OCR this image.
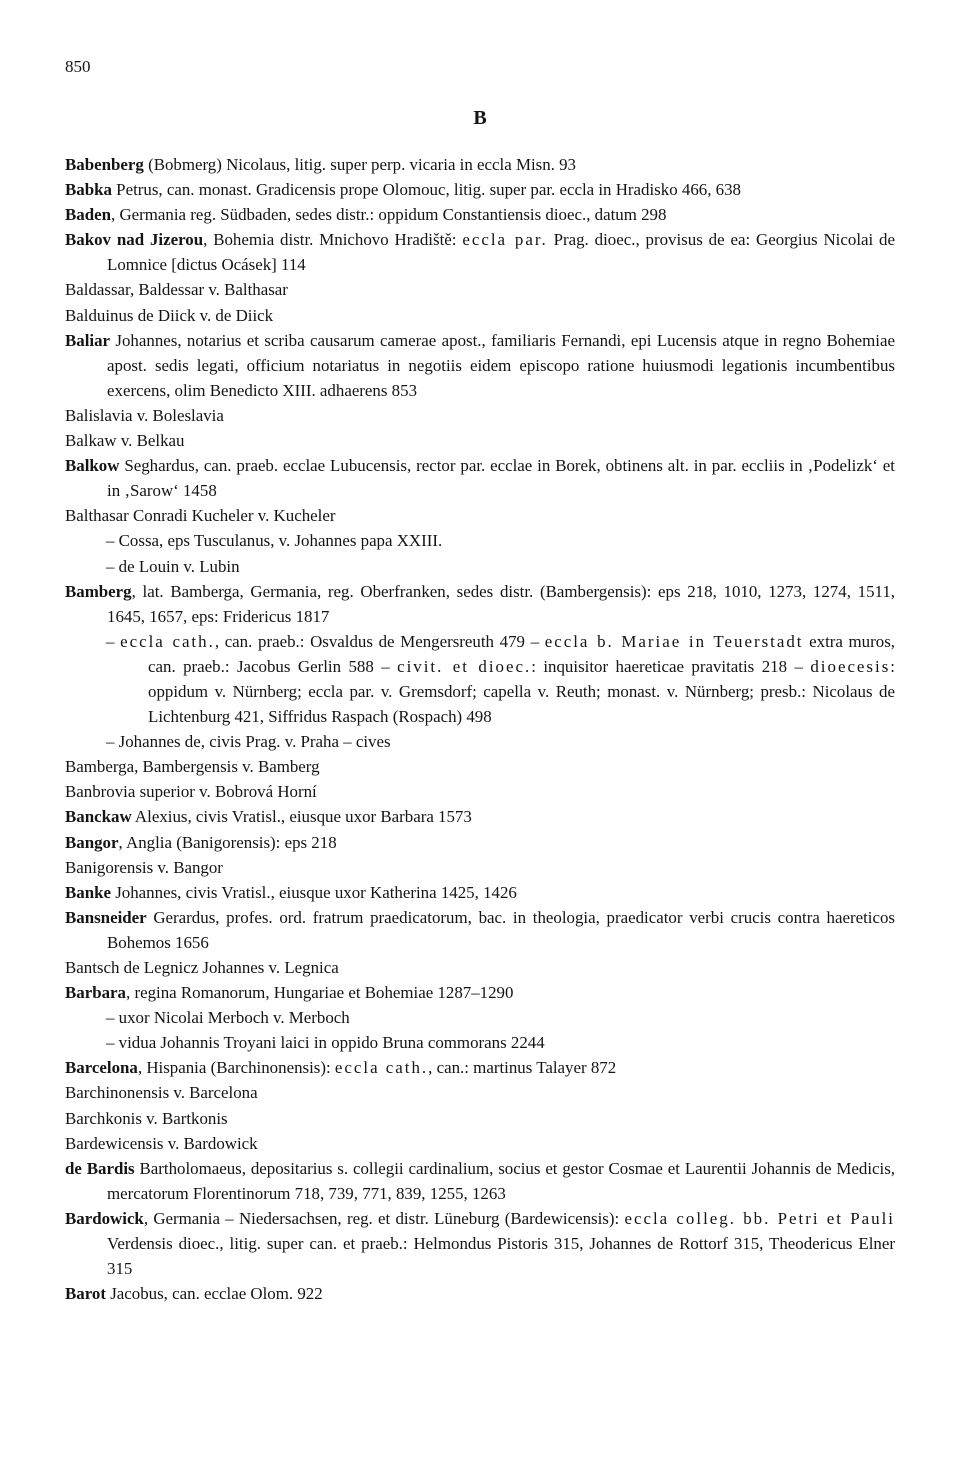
850
B
Babenberg (Bobmerg) Nicolaus, litig. super perp. vicaria in eccla Misn. 93
Babka Petrus, can. monast. Gradicensis prope Olomouc, litig. super par. eccla in Hradisko 466, 638
Baden, Germania reg. Südbaden, sedes distr.: oppidum Constantiensis dioec., datum 298
Bakov nad Jizerou, Bohemia distr. Mnichovo Hradiště: eccla par. Prag. dioec., provisus de ea: Georgius Nicolai de Lomnice [dictus Ocásek] 114
Baldassar, Baldessar v. Balthasar
Balduinus de Diick v. de Diick
Baliar Johannes, notarius et scriba causarum camerae apost., familiaris Fernandi, epi Lucensis atque in regno Bohemiae apost. sedis legati, officium notariatus in negotiis eidem episcopo ratione huiusmodi legationis incumbentibus exercens, olim Benedicto XIII. adhaerens 853
Balislavia v. Boleslavia
Balkaw v. Belkau
Balkow Seghardus, can. praeb. ecclae Lubucensis, rector par. ecclae in Borek, obtinens alt. in par. eccliis in ‚Podelizk‘ et in ‚Sarow‘ 1458
Balthasar Conradi Kucheler v. Kucheler
– Cossa, eps Tusculanus, v. Johannes papa XXIII.
– de Louin v. Lubin
Bamberg, lat. Bamberga, Germania, reg. Oberfranken, sedes distr. (Bambergensis): eps 218, 1010, 1273, 1274, 1511, 1645, 1657, eps: Fridericus 1817
– eccla cath., can. praeb.: Osvaldus de Mengersreuth 479 – eccla b. Mariae in Teuerstadt extra muros, can. praeb.: Jacobus Gerlin 588 – civit. et dioec.: inquisitor haereticae pravitatis 218 – dioecesis: oppidum v. Nürnberg; eccla par. v. Gremsdorf; capella v. Reuth; monast. v. Nürnberg; presb.: Nicolaus de Lichtenburg 421, Siffridus Raspach (Rospach) 498
– Johannes de, civis Prag. v. Praha – cives
Bamberga, Bambergensis v. Bamberg
Banbrovia superior v. Bobrová Horní
Banckaw Alexius, civis Vratisl., eiusque uxor Barbara 1573
Bangor, Anglia (Banigorensis): eps 218
Banigorensis v. Bangor
Banke Johannes, civis Vratisl., eiusque uxor Katherina 1425, 1426
Bansneider Gerardus, profes. ord. fratrum praedicatorum, bac. in theologia, praedicator verbi crucis contra haereticos Bohemos 1656
Bantsch de Legnicz Johannes v. Legnica
Barbara, regina Romanorum, Hungariae et Bohemiae 1287–1290
– uxor Nicolai Merboch v. Merboch
– vidua Johannis Troyani laici in oppido Bruna commorans 2244
Barcelona, Hispania (Barchinonensis): eccla cath., can.: martinus Talayer 872
Barchinonensis v. Barcelona
Barchkonis v. Bartkonis
Bardewicensis v. Bardowick
de Bardis Bartholomaeus, depositarius s. collegii cardinalium, socius et gestor Cosmae et Laurentii Johannis de Medicis, mercatorum Florentinorum 718, 739, 771, 839, 1255, 1263
Bardowick, Germania – Niedersachsen, reg. et distr. Lüneburg (Bardewicensis): eccla colleg. bb. Petri et Pauli Verdensis dioec., litig. super can. et praeb.: Helmondus Pistoris 315, Johannes de Rottorf 315, Theodericus Elner 315
Barot Jacobus, can. ecclae Olom. 922
